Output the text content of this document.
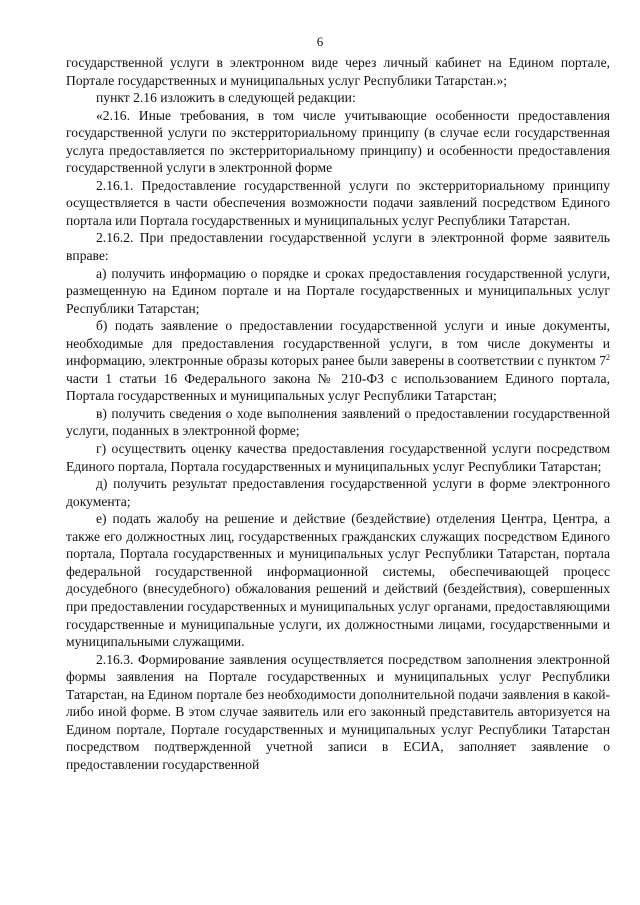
6

государственной услуги в электронном виде через личный кабинет на Едином портале, Портале государственных и муниципальных услуг Республики Татарстан.»;

пункт 2.16 изложить в следующей редакции:

«2.16. Иные требования, в том числе учитывающие особенности предоставления государственной услуги по экстерриториальному принципу (в случае если государственная услуга предоставляется по экстерриториальному принципу) и особенности предоставления государственной услуги в электронной форме

2.16.1. Предоставление государственной услуги по экстерриториальному принципу осуществляется в части обеспечения возможности подачи заявлений посредством Единого портала или Портала государственных и муниципальных услуг Республики Татарстан.

2.16.2. При предоставлении государственной услуги в электронной форме заявитель вправе:

а) получить информацию о порядке и сроках предоставления государственной услуги, размещенную на Едином портале и на Портале государственных и муниципальных услуг Республики Татарстан;

б) подать заявление о предоставлении государственной услуги и иные документы, необходимые для предоставления государственной услуги, в том числе документы и информацию, электронные образы которых ранее были заверены в соответствии с пунктом $7^2$ части 1 статьи 16 Федерального закона № 210-ФЗ с использованием Единого портала, Портала государственных и муниципальных услуг Республики Татарстан;

в) получить сведения о ходе выполнения заявлений о предоставлении государственной услуги, поданных в электронной форме;

г) осуществить оценку качества предоставления государственной услуги посредством Единого портала, Портала государственных и муниципальных услуг Республики Татарстан;

д) получить результат предоставления государственной услуги в форме электронного документа;

е) подать жалобу на решение и действие (бездействие) отделения Центра, Центра, а также его должностных лиц, государственных гражданских служащих посредством Единого портала, Портала государственных и муниципальных услуг Республики Татарстан, портала федеральной государственной информационной системы, обеспечивающей процесс досудебного (внесудебного) обжалования решений и действий (бездействия), совершенных при предоставлении государственных и муниципальных услуг органами, предоставляющими государственные и муниципальные услуги, их должностными лицами, государственными и муниципальными служащими.

2.16.3. Формирование заявления осуществляется посредством заполнения электронной формы заявления на Портале государственных и муниципальных услуг Республики Татарстан, на Едином портале без необходимости дополнительной подачи заявления в какой-либо иной форме. В этом случае заявитель или его законный представитель авторизуется на Едином портале, Портале государственных и муниципальных услуг Республики Татарстан посредством подтвержденной учетной записи в ЕСИА, заполняет заявление о предоставлении государственной
